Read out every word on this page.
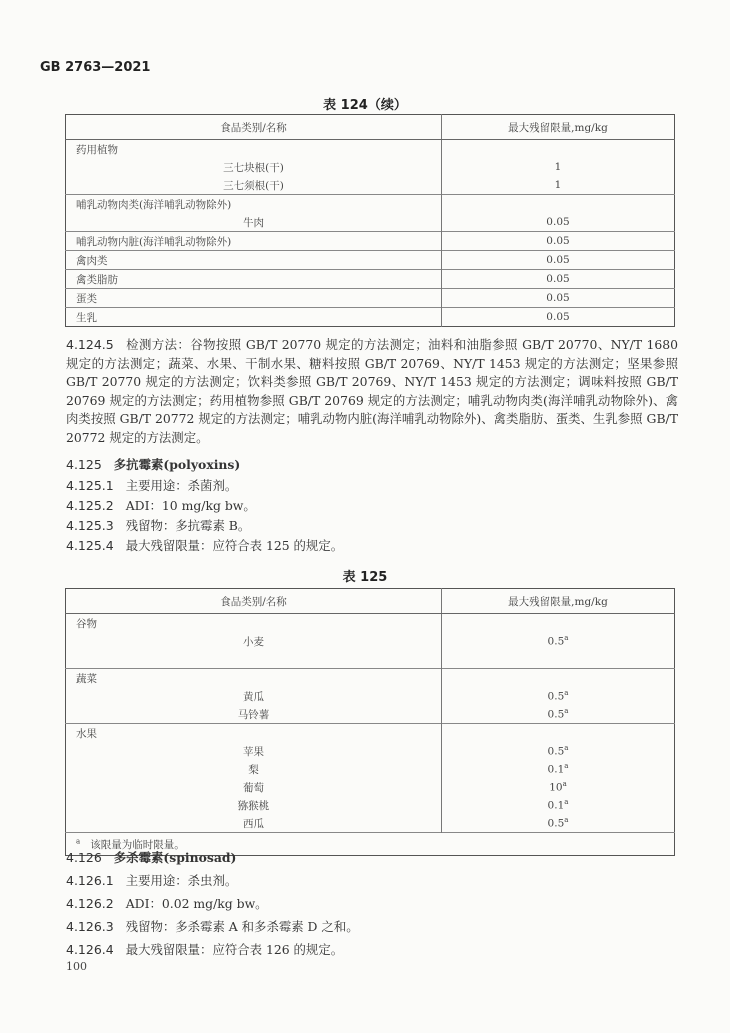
GB 2763—2021
表 124（续）
食品类别/名称	最大残留限量,mg/kg
药用植物	
三七块根(干)	1
三七须根(干)	1
哺乳动物肉类(海洋哺乳动物除外)	
牛肉	0.05
哺乳动物内脏(海洋哺乳动物除外)	0.05
禽肉类	0.05
禽类脂肪	0.05
蛋类	0.05
生乳	0.05
4.124.5 检测方法：谷物按照 GB/T 20770 规定的方法测定；油料和油脂参照 GB/T 20770、NY/T 1680 规定的方法测定；蔬菜、水果、干制水果、糖料按照 GB/T 20769、NY/T 1453 规定的方法测定；坚果参照 GB/T 20770 规定的方法测定；饮料类参照 GB/T 20769、NY/T 1453 规定的方法测定；调味料按照 GB/T 20769 规定的方法测定；药用植物参照 GB/T 20769 规定的方法测定；哺乳动物肉类(海洋哺乳动物除外)、禽肉类按照 GB/T 20772 规定的方法测定；哺乳动物内脏(海洋哺乳动物除外)、禽类脂肪、蛋类、生乳参照 GB/T 20772 规定的方法测定。
4.125 多抗霉素(polyoxins)
4.125.1 主要用途：杀菌剂。
4.125.2 ADI：10 mg/kg bw。
4.125.3 残留物：多抗霉素 B。
4.125.4 最大残留限量：应符合表 125 的规定。
表 125
食品类别/名称	最大残留限量,mg/kg
谷物	
小麦	0.5$^a$

蔬菜	
黄瓜	0.5$^a$
马铃薯	0.5$^a$
水果	
苹果	0.5$^a$
梨	0.1$^a$
葡萄	10$^a$
猕猴桃	0.1$^a$
西瓜	0.5$^a$
$^a$ 该限量为临时限量。	
4.126 多杀霉素(spinosad)
4.126.1 主要用途：杀虫剂。
4.126.2 ADI：0.02 mg/kg bw。
4.126.3 残留物：多杀霉素 A 和多杀霉素 D 之和。
4.126.4 最大残留限量：应符合表 126 的规定。
100
